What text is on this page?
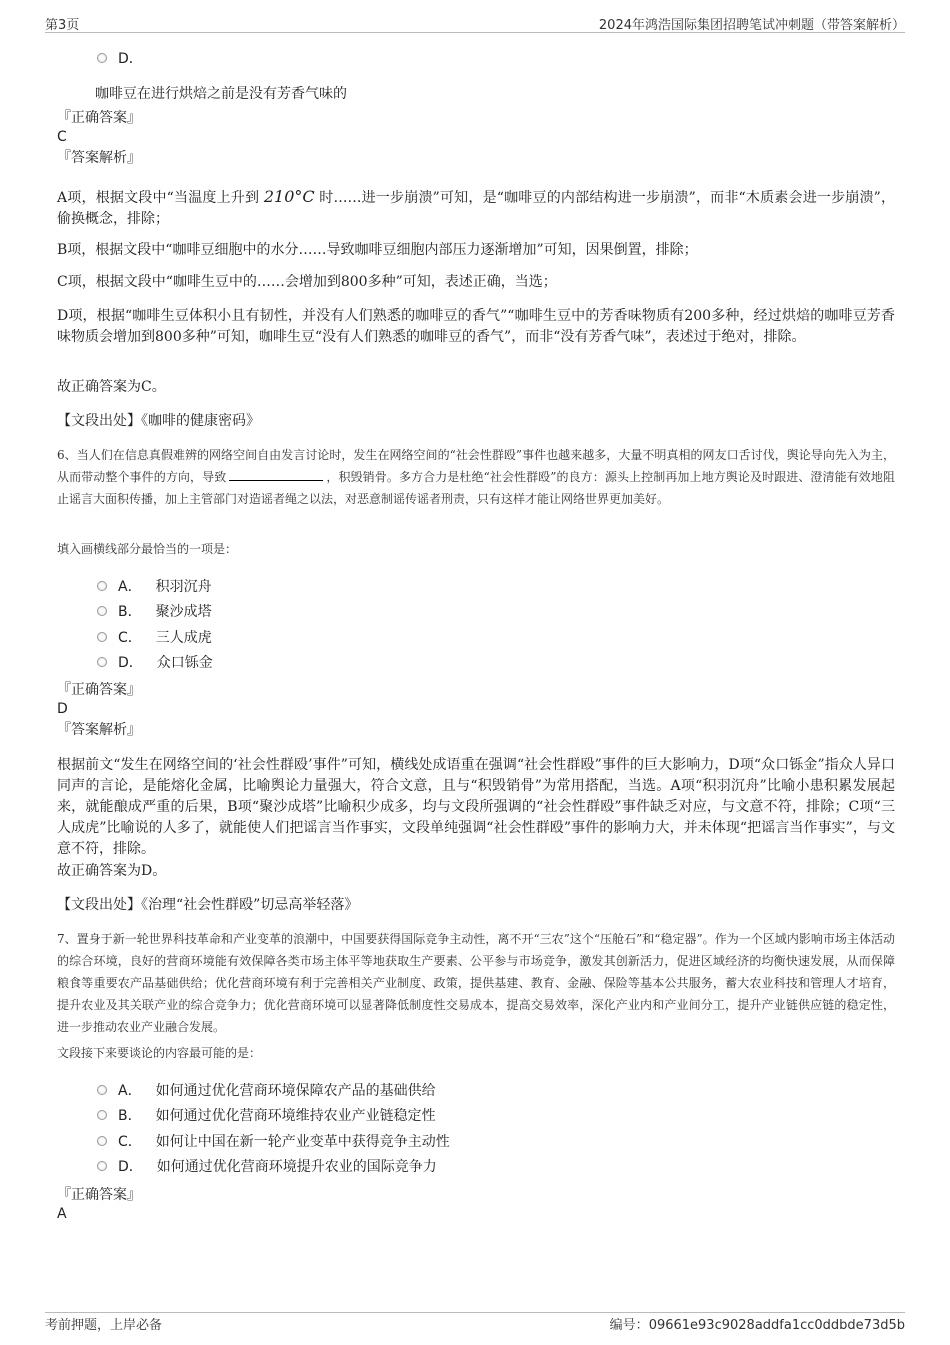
第3页	2024年鸿浩国际集团招聘笔试冲刺题（带答案解析）
D．
咖啡豆在进行烘焙之前是没有芳香气味的
『正确答案』
C
『答案解析』
A项，根据文段中“当温度上升到 210°C 时……进一步崩溃”可知，是“咖啡豆的内部结构进一步崩溃”，而非“木质素会进一步崩溃”，偷换概念，排除；
B项，根据文段中“咖啡豆细胞中的水分……导致咖啡豆细胞内部压力逐渐增加”可知，因果倒置，排除；
C项，根据文段中“咖啡生豆中的……会增加到800多种”可知，表述正确，当选；
D项，根据“咖啡生豆体积小且有韧性，并没有人们熟悉的咖啡豆的香气”“咖啡生豆中的芳香味物质有200多种，经过烘焙的咖啡豆芳香味物质会增加到800多种”可知，咖啡生豆“没有人们熟悉的咖啡豆的香气”，而非“没有芳香气味”，表述过于绝对，排除。
故正确答案为C。
【文段出处】《咖啡的健康密码》
6、当人们在信息真假难辨的网络空间自由发言讨论时，发生在网络空间的“社会性群殴”事件也越来越多，大量不明真相的网友口舌讨伐，舆论导向先入为主，从而带动整个事件的方向，导致	，积毁销骨。多方合力是杜绝“社会性群殴”的良方：源头上控制再加上地方舆论及时跟进、澄清能有效地阻止谣言大面积传播，加上主管部门对造谣者绳之以法，对恶意制谣传谣者刑责，只有这样才能让网络世界更加美好。
填入画横线部分最恰当的一项是：
A． 积羽沉舟
B． 聚沙成塔
C． 三人成虎
D． 众口铄金
『正确答案』
D
『答案解析』
根据前文“发生在网络空间的‘社会性群殴’事件”可知，横线处成语重在强调“社会性群殴”事件的巨大影响力，D项“众口铄金”指众人异口同声的言论，是能熔化金属，比喻舆论力量强大，符合文意，且与“积毁销骨”为常用搭配，当选。A项“积羽沉舟”比喻小患积累发展起来，就能酿成严重的后果，B项“聚沙成塔”比喻积少成多，均与文段所强调的“社会性群殴”事件缺乏对应，与文意不符，排除；C项“三人成虎”比喻说的人多了，就能使人们把谣言当作事实，文段单纯强调“社会性群殴”事件的影响力大，并未体现“把谣言当作事实”，与文意不符，排除。
故正确答案为D。
【文段出处】《治理“社会性群殴”切忌高举轻落》
7、置身于新一轮世界科技革命和产业变革的浪潮中，中国要获得国际竞争主动性，离不开“三农”这个“压舱石”和“稳定器”。作为一个区域内影响市场主体活动的综合环境，良好的营商环境能有效保障各类市场主体平等地获取生产要素、公平参与市场竞争，激发其创新活力，促进区域经济的均衡快速发展，从而保障粮食等重要农产品基础供给；优化营商环境有利于完善相关产业制度、政策，提供基建、教育、金融、保险等基本公共服务，蓄大农业科技和管理人才培育，提升农业及其关联产业的综合竞争力；优化营商环境可以显著降低制度性交易成本，提高交易效率，深化产业内和产业间分工，提升产业链供应链的稳定性，进一步推动农业产业融合发展。
文段接下来要谈论的内容最可能的是：
A． 如何通过优化营商环境保障农产品的基础供给
B． 如何通过优化营商环境维持农业产业链稳定性
C． 如何让中国在新一轮产业变革中获得竞争主动性
D． 如何通过优化营商环境提升农业的国际竞争力
『正确答案』
A
考前押题，上岸必备	编号：09661e93c9028addfa1cc0ddbde73d5b
